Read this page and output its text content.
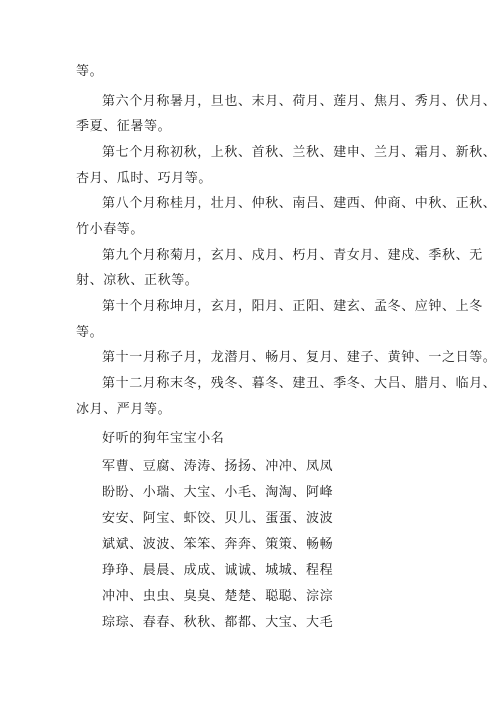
等。
第六个月称暑月，旦也、末月、荷月、莲月、焦月、秀月、伏月、
季夏、征暑等。
第七个月称初秋，上秋、首秋、兰秋、建申、兰月、霜月、新秋、
杏月、瓜时、巧月等。
第八个月称桂月，壮月、仲秋、南吕、建西、仲商、中秋、正秋、
竹小春等。
第九个月称菊月，玄月、戍月、朽月、青女月、建戍、季秋、无
射、凉秋、正秋等。
第十个月称坤月，玄月，阳月、正阳、建玄、孟冬、应钟、上冬
等。
第十一月称子月，龙潜月、畅月、复月、建子、黄钟、一之日等。
第十二月称末冬，残冬、暮冬、建丑、季冬、大吕、腊月、临月、
冰月、严月等。
好听的狗年宝宝小名
军曹、豆腐、涛涛、扬扬、冲冲、凤凤
盼盼、小瑞、大宝、小毛、淘淘、阿峰
安安、阿宝、虾饺、贝儿、蛋蛋、波波
斌斌、波波、笨笨、奔奔、策策、畅畅
琤琤、晨晨、成成、诚诚、城城、程程
冲冲、虫虫、臭臭、楚楚、聪聪、淙淙
琮琮、春春、秋秋、都都、大宝、大毛
